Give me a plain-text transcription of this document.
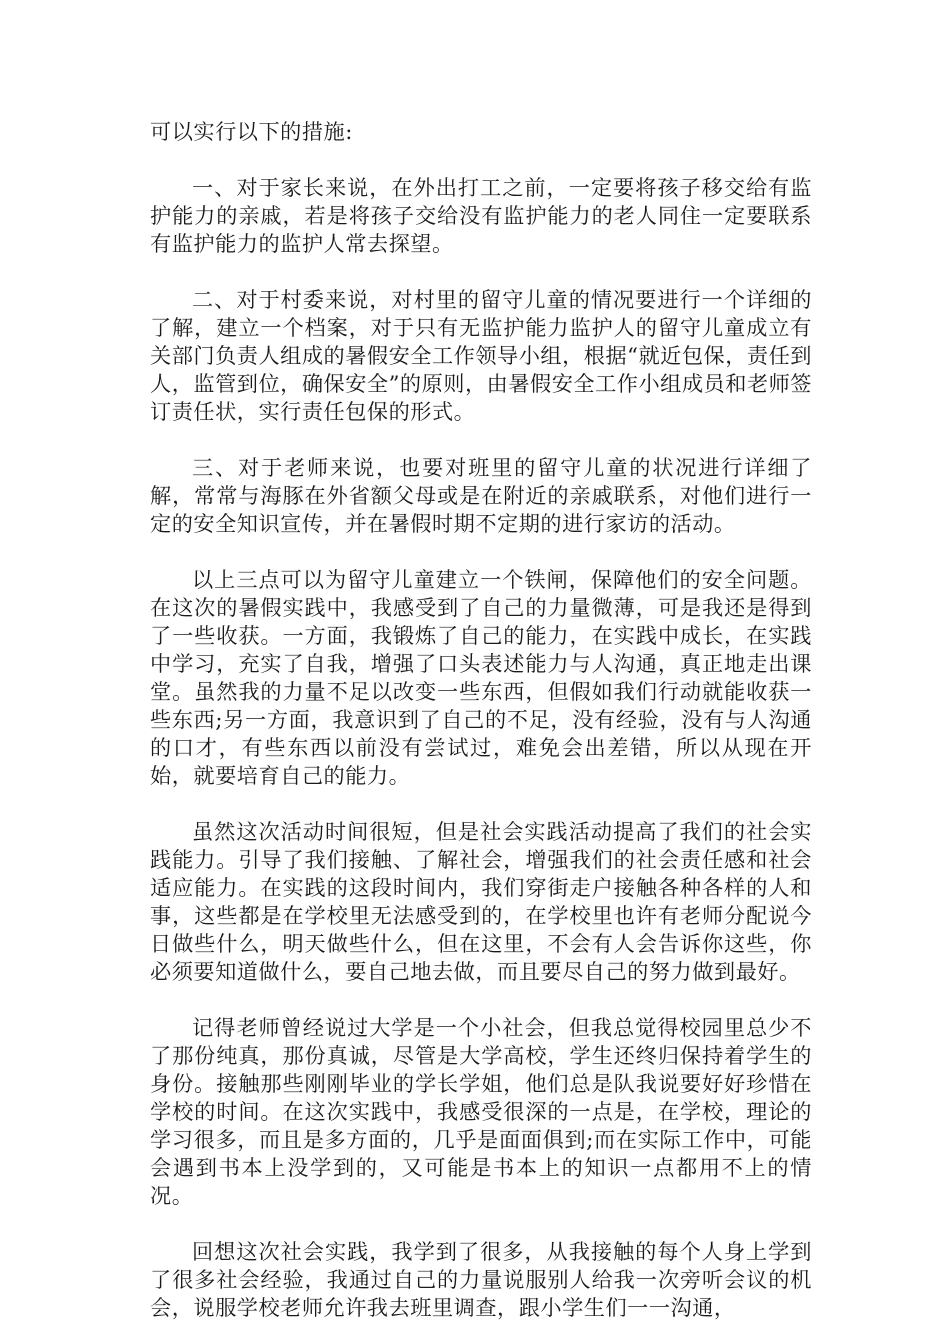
可以实行以下的措施:

一、对于家长来说，在外出打工之前，一定要将孩子移交给有监护能力的亲戚，若是将孩子交给没有监护能力的老人同住一定要联系有监护能力的监护人常去探望。

二、对于村委来说，对村里的留守儿童的情况要进行一个详细的了解，建立一个档案，对于只有无监护能力监护人的留守儿童成立有关部门负责人组成的暑假安全工作领导小组，根据“就近包保，责任到人，监管到位，确保安全”的原则，由暑假安全工作小组成员和老师签订责任状，实行责任包保的形式。

三、对于老师来说，也要对班里的留守儿童的状况进行详细了解，常常与海豚在外省额父母或是在附近的亲戚联系，对他们进行一定的安全知识宣传，并在暑假时期不定期的进行家访的活动。

以上三点可以为留守儿童建立一个铁闸，保障他们的安全问题。在这次的暑假实践中，我感受到了自己的力量微薄，可是我还是得到了一些收获。一方面，我锻炼了自己的能力，在实践中成长，在实践中学习，充实了自我，增强了口头表述能力与人沟通，真正地走出课堂。虽然我的力量不足以改变一些东西，但假如我们行动就能收获一些东西;另一方面，我意识到了自己的不足，没有经验，没有与人沟通的口才，有些东西以前没有尝试过，难免会出差错，所以从现在开始，就要培育自己的能力。

虽然这次活动时间很短，但是社会实践活动提高了我们的社会实践能力。引导了我们接触、了解社会，增强我们的社会责任感和社会适应能力。在实践的这段时间内，我们穿街走户接触各种各样的人和事，这些都是在学校里无法感受到的，在学校里也许有老师分配说今日做些什么，明天做些什么，但在这里，不会有人会告诉你这些，你必须要知道做什么，要自己地去做，而且要尽自己的努力做到最好。

记得老师曾经说过大学是一个小社会，但我总觉得校园里总少不了那份纯真，那份真诚，尽管是大学高校，学生还终归保持着学生的身份。接触那些刚刚毕业的学长学姐，他们总是队我说要好好珍惜在学校的时间。在这次实践中，我感受很深的一点是，在学校，理论的学习很多，而且是多方面的，几乎是面面俱到;而在实际工作中，可能会遇到书本上没学到的，又可能是书本上的知识一点都用不上的情况。

回想这次社会实践，我学到了很多，从我接触的每个人身上学到了很多社会经验，我通过自己的力量说服别人给我一次旁听会议的机会，说服学校老师允许我去班里调查，跟小学生们一一沟通，
